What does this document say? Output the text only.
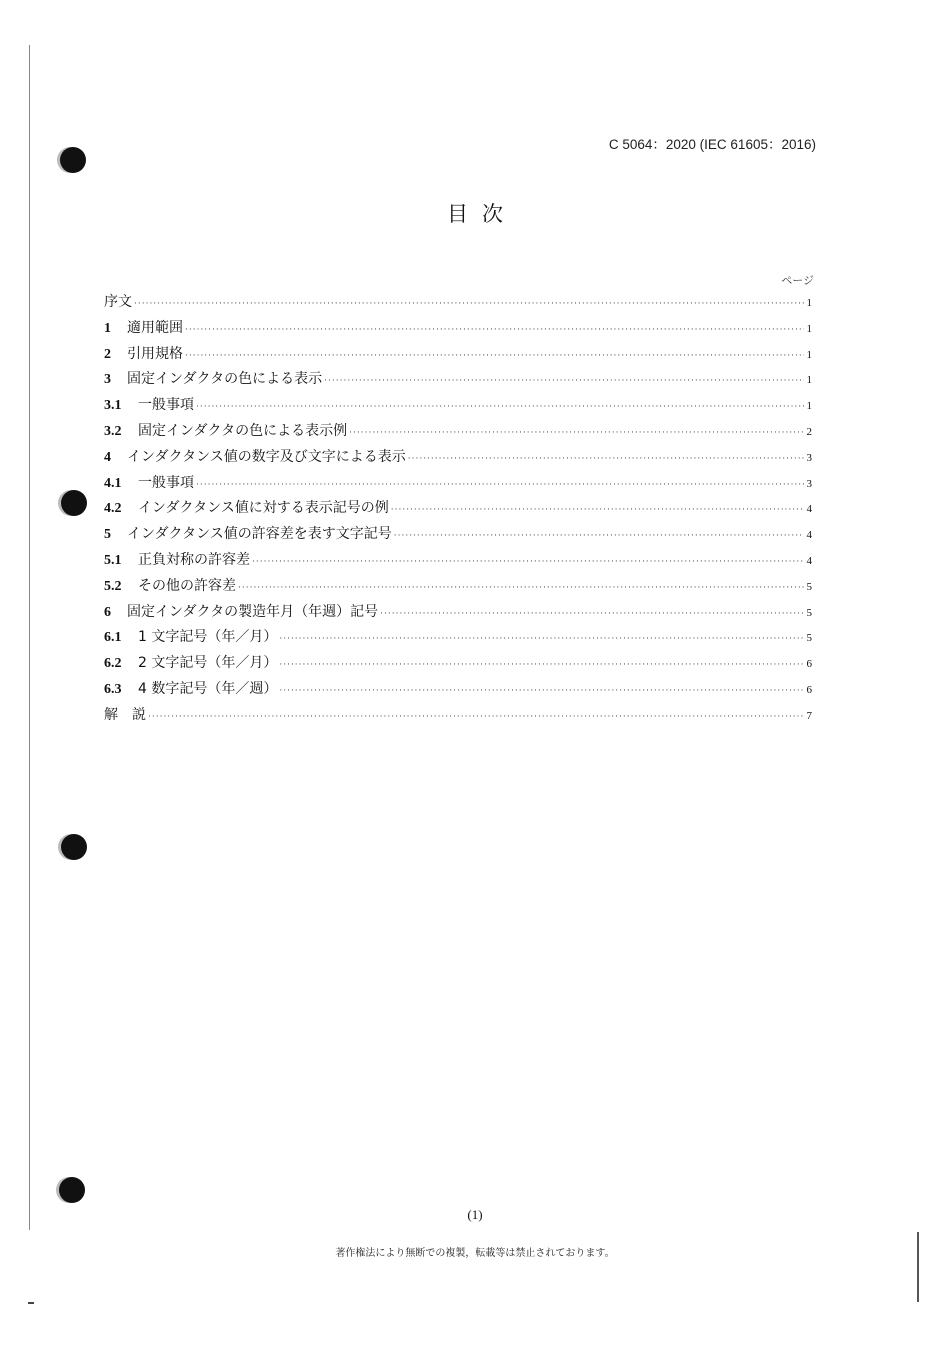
C 5064：2020 (IEC 61605：2016)
目次
ページ
序文 ·····	1
1	適用範囲 ·····	1
2	引用規格 ·····	1
3	固定インダクタの色による表示 ·····	1
3.1	一般事項 ·····	1
3.2	固定インダクタの色による表示例 ·····	2
4	インダクタンス値の数字及び文字による表示 ·····	3
4.1	一般事項 ·····	3
4.2	インダクタンス値に対する表示記号の例 ·····	4
5	インダクタンス値の許容差を表す文字記号 ·····	4
5.1	正負対称の許容差 ·····	4
5.2	その他の許容差 ·····	5
6	固定インダクタの製造年月（年週）記号 ·····	5
6.1	1 文字記号（年／月） ·····	5
6.2	2 文字記号（年／月） ·····	6
6.3	4 数字記号（年／週） ·····	6
解　説 ·····	7
(1)
著作権法により無断での複製，転載等は禁止されております。
